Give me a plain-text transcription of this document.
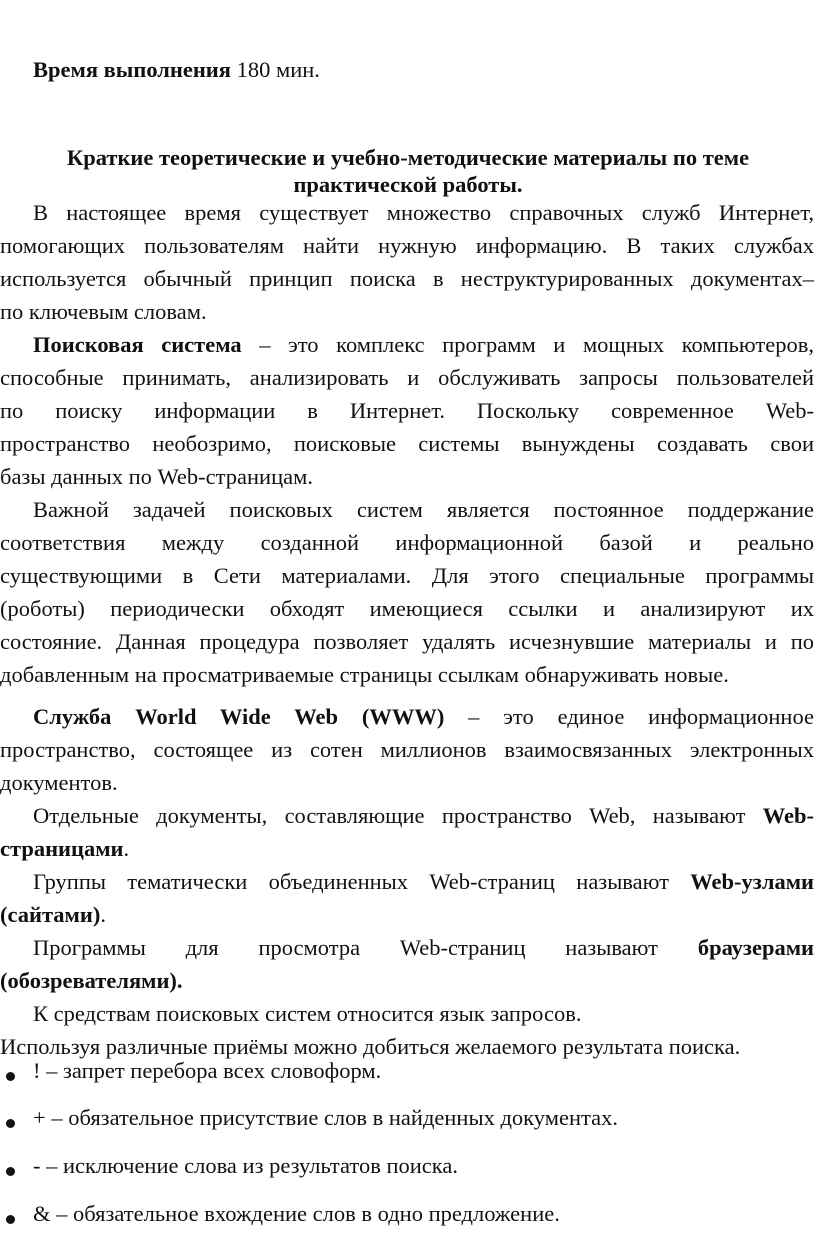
Время выполнения 180 мин.
Краткие теоретические и учебно-методические материалы по теме
практической работы.
В настоящее время существует множество справочных служб Интернет,
помогающих пользователям найти нужную информацию. В таких службах
используется обычный принцип поиска в неструктурированных документах–
по ключевым словам.
Поисковая система – это комплекс программ и мощных компьютеров,
способные принимать, анализировать и обслуживать запросы пользователей
по поиску информации в Интернет. Поскольку современное Web-
пространство необозримо, поисковые системы вынуждены создавать свои
базы данных по Web-страницам.
Важной задачей поисковых систем является постоянное поддержание
соответствия между созданной информационной базой и реально
существующими в Сети материалами. Для этого специальные программы
(роботы) периодически обходят имеющиеся ссылки и анализируют их
состояние. Данная процедура позволяет удалять исчезнувшие материалы и по
добавленным на просматриваемые страницы ссылкам обнаруживать новые.
Служба World Wide Web (WWW) – это единое информационное
пространство, состоящее из сотен миллионов взаимосвязанных электронных
документов.
Отдельные документы, составляющие пространство Web, называют Web-
страницами.
Группы тематически объединенных Web-страниц называют Web-узлами
(сайтами).
Программы для просмотра Web-страниц называют браузерами
(обозревателями).
К средствам поисковых систем относится язык запросов.
Используя различные приёмы можно добиться желаемого результата поиска.
! – запрет перебора всех словоформ.
+ – обязательное присутствие слов в найденных документах.
- – исключение слова из результатов поиска.
& – обязательное вхождение слов в одно предложение.
